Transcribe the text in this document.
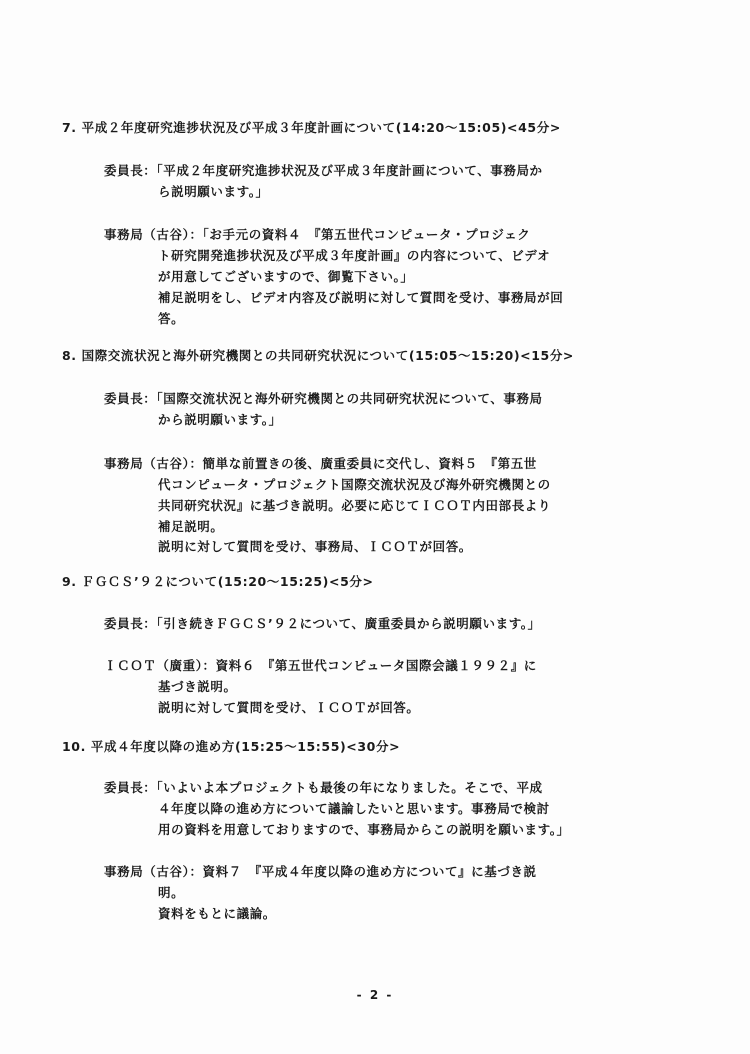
7. 平成２年度研究進捗状況及び平成３年度計画について(14:20～15:05)<45分>
委員長：「平成２年度研究進捗状況及び平成３年度計画について、事務局か
ら説明願います。」
事務局（古谷）：「お手元の資料４　『第五世代コンピュータ・プロジェク
ト研究開発進捗状況及び平成３年度計画』の内容について、ビデオ
が用意してございますので、御覧下さい。」
補足説明をし、ビデオ内容及び説明に対して質問を受け、事務局が回
答。
8. 国際交流状況と海外研究機関との共同研究状況について(15:05～15:20)<15分>
委員長：「国際交流状況と海外研究機関との共同研究状況について、事務局
から説明願います。」
事務局（古谷）：簡単な前置きの後、廣重委員に交代し、資料５　『第五世
代コンピュータ・プロジェクト国際交流状況及び海外研究機関との
共同研究状況』に基づき説明。必要に応じてＩＣＯＴ内田部長より
補足説明。
説明に対して質問を受け、事務局、ＩＣＯＴが回答。
9. ＦＧＣＳ’９２について(15:20～15:25)<5分>
委員長：「引き続きＦＧＣＳ’９２について、廣重委員から説明願います。」
ＩＣＯＴ（廣重）：資料６　『第五世代コンピュータ国際会議１９９２』に
基づき説明。
説明に対して質問を受け、ＩＣＯＴが回答。
10. 平成４年度以降の進め方(15:25～15:55)<30分>
委員長：「いよいよ本プロジェクトも最後の年になりました。そこで、平成
４年度以降の進め方について議論したいと思います。事務局で検討
用の資料を用意しておりますので、事務局からこの説明を願います。」
事務局（古谷）：資料７　『平成４年度以降の進め方について』に基づき説
明。
資料をもとに議論。
- 2 -
